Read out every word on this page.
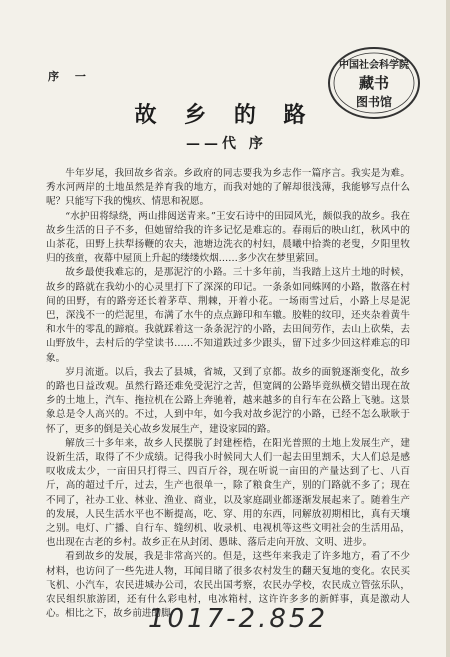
序 一
中国社会科学院
藏书
图书馆
故 乡 的 路
——代 序

牛年岁尾，我回故乡省亲。乡政府的同志要我为乡志作一篇序言。我实是为难。秀水河两岸的土地虽然是养育我的地方，而我对她的了解却很浅薄，我能够写点什么呢？只能写下我的愧疚、情思和祝愿。

“水护田将绿绕，两山排闼送青来。”王安石诗中的田园风光，颇似我的故乡。我在故乡生活的日子不多，但她留给我的许多记忆是难忘的。春雨后的映山红，秋风中的山茶花，田野上扶犁扬鞭的农夫，池塘边洗衣的村妇，晨曦中拾粪的老叟，夕阳里牧归的孩童，夜幕中屋顶上升起的缕缕炊烟……多少次在梦里萦回。

故乡最使我难忘的，是那泥泞的小路。三十多年前，当我踏上这片土地的时候，故乡的路就在我幼小的心灵里打下了深深的印记。一条条如同蛛网的小路，散落在村间的田野，有的路旁还长着茅草、荆棘，开着小花。一场雨雪过后，小路上尽是泥巴，深浅不一的烂泥里，布满了水牛的点点蹄印和车辙。胶鞋的纹印，还夹杂着黄牛和水牛的零乱的蹄痕。我就踩着这一条条泥泞的小路，去田间劳作，去山上砍柴，去山野放牛，去村后的学堂读书……不知道跌过多少跟头，留下过多少回这样难忘的印象。

岁月流逝。以后，我去了县城，省城，又到了京都。故乡的面貌逐渐变化，故乡的路也日益改观。虽然行路还难免受泥泞之苦，但宽阔的公路毕竟纵横交错出现在故乡的土地上，汽车、拖拉机在公路上奔驰着，越来越多的自行车在公路上飞驰。这景象总是令人高兴的。不过，人到中年，如今我对故乡泥泞的小路，已经不怎么耿耿于怀了，更多的倒是关心故乡发展生产，建设家园的路。

解放三十多年来，故乡人民摆脱了封建桎梏，在阳光普照的土地上发展生产，建设新生活，取得了不少成绩。记得我小时候同大人们一起去田里割禾，大人们总是感叹收成太少，一亩田只打得三、四百斤谷，现在听说一亩田的产量达到了七、八百斤，高的超过千斤，过去，生产也很单一，除了粮食生产，别的门路就不多了；现在不同了，社办工业、林业、渔业、商业，以及家庭副业都逐渐发展起来了。随着生产的发展，人民生活水平也不断提高，吃、穿、用的东西，同解放初期相比，真有天壤之别。电灯、广播、自行车、缝纫机、收录机、电视机等这些文明社会的生活用品，也出现在古老的乡村。故乡正在从封闭、愚昧、落后走向开放、文明、进步。

看到故乡的发展，我是非常高兴的。但是，这些年来我走了许多地方，看了不少材料，也访问了一些先进人物，耳闻目睹了很多农村发生的翻天复地的变化。农民买飞机、小汽车，农民进城办公司，农民出国考察，农民办学校，农民成立管弦乐队，农民组织旅游团，还有什么彩电村，电冰箱村，这许许多多的新鲜事，真是激动人心。相比之下，故乡前进的脚

1017-2.852
